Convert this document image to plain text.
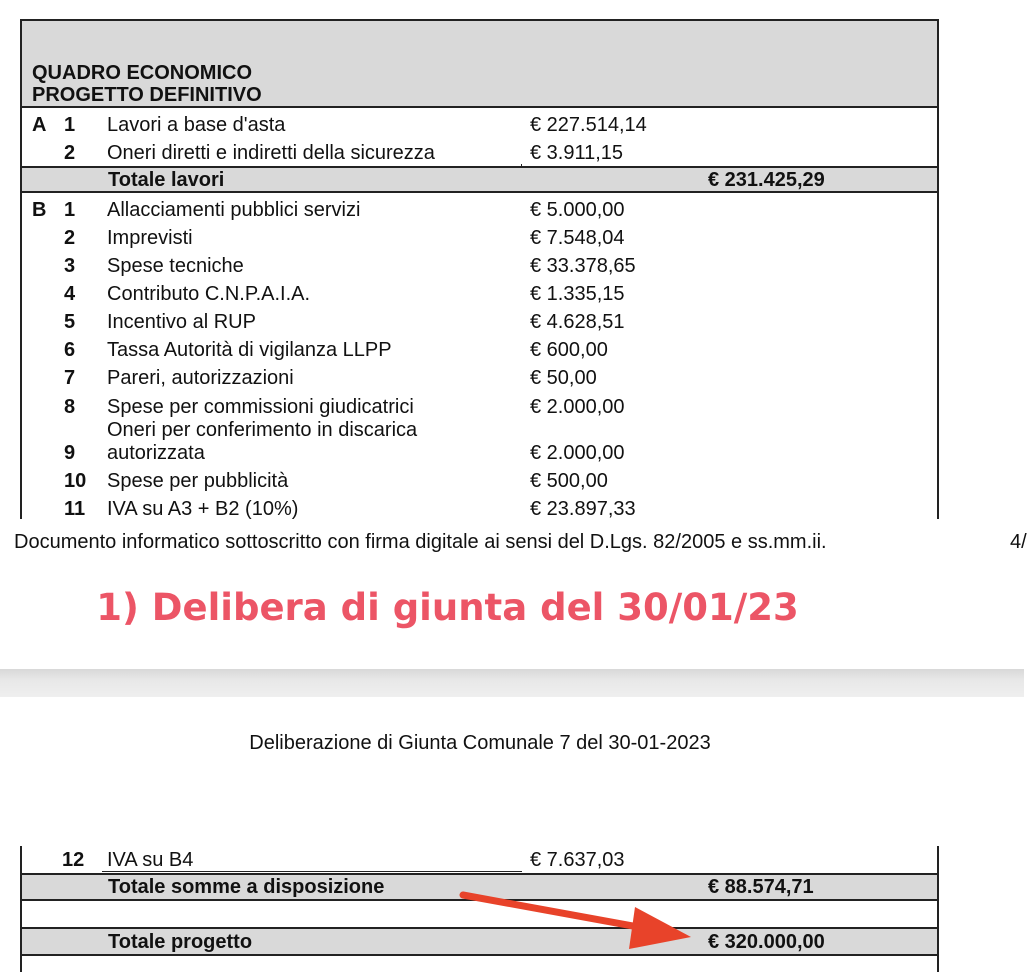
QUADRO ECONOMICO
PROGETTO DEFINITIVO
A 1 Lavori a base d'asta	€ 227.514,14
2 Oneri diretti e indiretti della sicurezza	€ 3.911,15
Totale lavori	€ 231.425,29
B 1 Allacciamenti pubblici servizi	€ 5.000,00
2 Imprevisti	€ 7.548,04
3 Spese tecniche	€ 33.378,65
4 Contributo C.N.P.A.I.A.	€ 1.335,15
5 Incentivo al RUP	€ 4.628,51
6 Tassa Autorità di vigilanza LLPP	€ 600,00
7 Pareri, autorizzazioni	€ 50,00
8 Spese per commissioni giudicatrici	€ 2.000,00
Oneri per conferimento in discarica
9 autorizzata	€ 2.000,00
10 Spese per pubblicità	€ 500,00
11 IVA su A3 + B2 (10%)	€ 23.897,33
Documento informatico sottoscritto con firma digitale ai sensi del D.Lgs. 82/2005 e ss.mm.ii.	4/
1) Delibera di giunta del 30/01/23
Deliberazione di Giunta Comunale 7 del 30-01-2023
12 IVA su B4	€ 7.637,03
Totale somme a disposizione	€ 88.574,71
Totale progetto	€ 320.000,00
